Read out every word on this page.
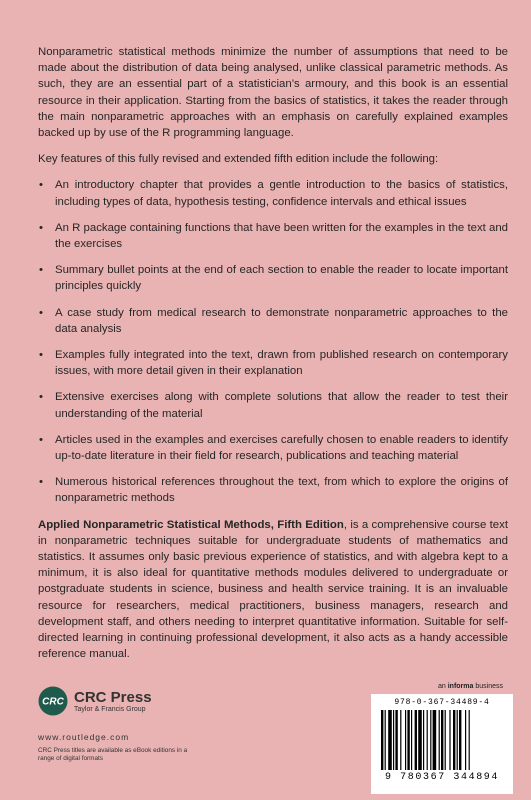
Nonparametric statistical methods minimize the number of assumptions that need to be made about the distribution of data being analysed, unlike classical parametric methods. As such, they are an essential part of a statistician’s armoury, and this book is an essential resource in their application. Starting from the basics of statistics, it takes the reader through the main nonparametric approaches with an emphasis on carefully explained examples backed up by use of the R programming language.

Key features of this fully revised and extended fifth edition include the following:

• An introductory chapter that provides a gentle introduction to the basics of statistics, including types of data, hypothesis testing, confidence intervals and ethical issues
• An R package containing functions that have been written for the examples in the text and the exercises
• Summary bullet points at the end of each section to enable the reader to locate important principles quickly
• A case study from medical research to demonstrate nonparametric approaches to the data analysis
• Examples fully integrated into the text, drawn from published research on contemporary issues, with more detail given in their explanation
• Extensive exercises along with complete solutions that allow the reader to test their understanding of the material
• Articles used in the examples and exercises carefully chosen to enable readers to identify up-to-date literature in their field for research, publications and teaching material
• Numerous historical references throughout the text, from which to explore the origins of nonparametric methods

Applied Nonparametric Statistical Methods, Fifth Edition, is a comprehensive course text in nonparametric techniques suitable for undergraduate students of mathematics and statistics. It assumes only basic previous experience of statistics, and with algebra kept to a minimum, it is also ideal for quantitative methods modules delivered to undergraduate or postgraduate students in science, business and health service training. It is an invaluable resource for researchers, medical practitioners, business managers, research and development staff, and others needing to interpret quantitative information. Suitable for self-directed learning in continuing professional development, it also acts as a handy accessible reference manual.

CRC CRC Press
Taylor & Francis Group
www.routledge.com
CRC Press titles are available as eBook editions in a range of digital formats
an informa business
978-0-367-34489-4
9 780367 344894
